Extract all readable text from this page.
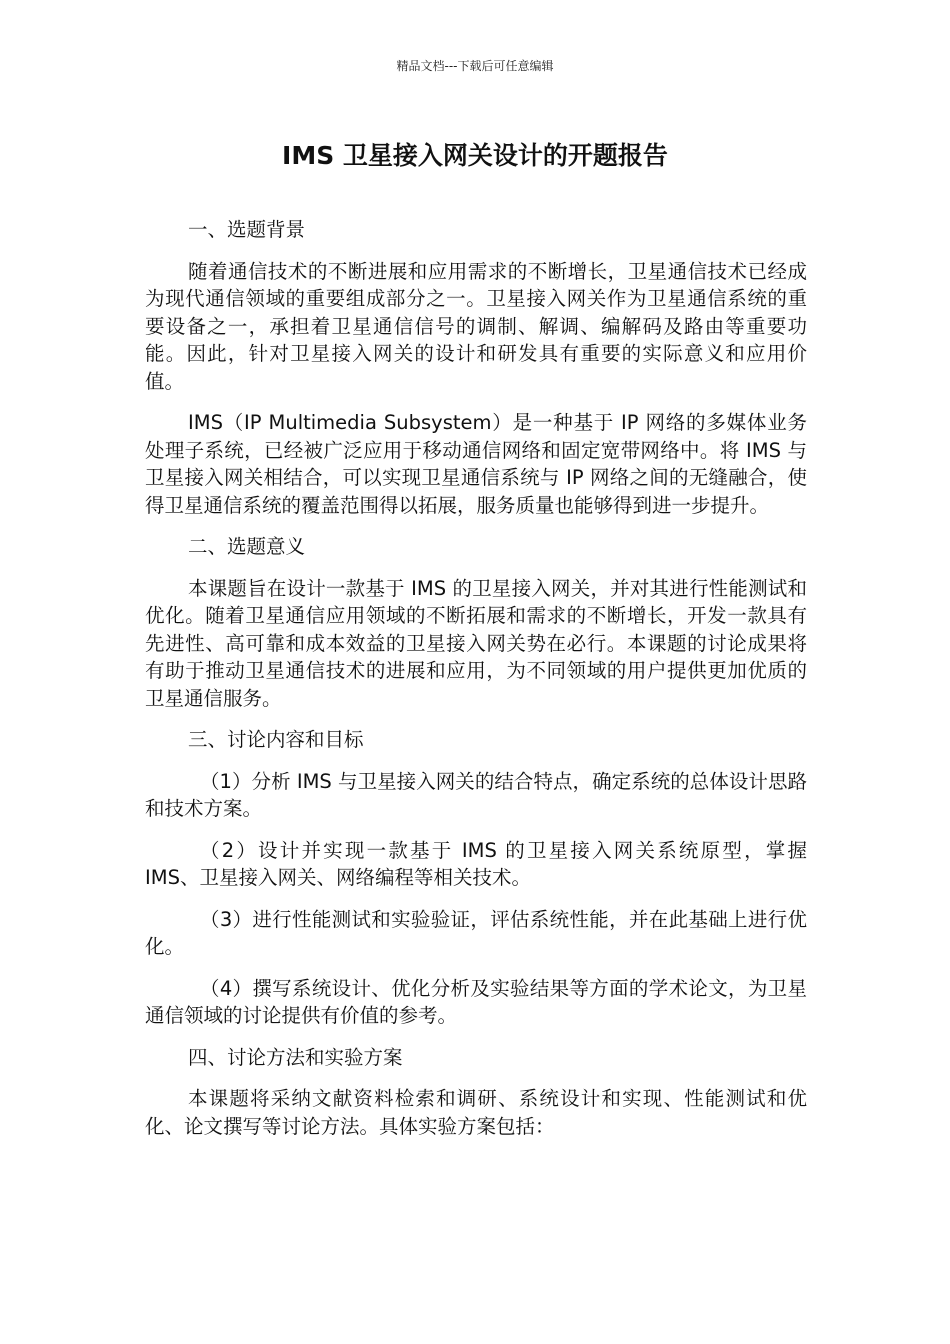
精品文档---下载后可任意编辑
IMS 卫星接入网关设计的开题报告

一、选题背景

随着通信技术的不断进展和应用需求的不断增长，卫星通信技术已经成为现代通信领域的重要组成部分之一。卫星接入网关作为卫星通信系统的重要设备之一，承担着卫星通信信号的调制、解调、编解码及路由等重要功能。因此，针对卫星接入网关的设计和研发具有重要的实际意义和应用价值。

IMS（IP Multimedia Subsystem）是一种基于 IP 网络的多媒体业务处理子系统，已经被广泛应用于移动通信网络和固定宽带网络中。将 IMS 与卫星接入网关相结合，可以实现卫星通信系统与 IP 网络之间的无缝融合，使得卫星通信系统的覆盖范围得以拓展，服务质量也能够得到进一步提升。

二、选题意义

本课题旨在设计一款基于 IMS 的卫星接入网关，并对其进行性能测试和优化。随着卫星通信应用领域的不断拓展和需求的不断增长，开发一款具有先进性、高可靠和成本效益的卫星接入网关势在必行。本课题的讨论成果将有助于推动卫星通信技术的进展和应用，为不同领域的用户提供更加优质的卫星通信服务。

三、讨论内容和目标

（1）分析 IMS 与卫星接入网关的结合特点，确定系统的总体设计思路和技术方案。

（2）设计并实现一款基于 IMS 的卫星接入网关系统原型，掌握 IMS、卫星接入网关、网络编程等相关技术。

（3）进行性能测试和实验验证，评估系统性能，并在此基础上进行优化。

（4）撰写系统设计、优化分析及实验结果等方面的学术论文，为卫星通信领域的讨论提供有价值的参考。

四、讨论方法和实验方案

本课题将采纳文献资料检索和调研、系统设计和实现、性能测试和优化、论文撰写等讨论方法。具体实验方案包括：
